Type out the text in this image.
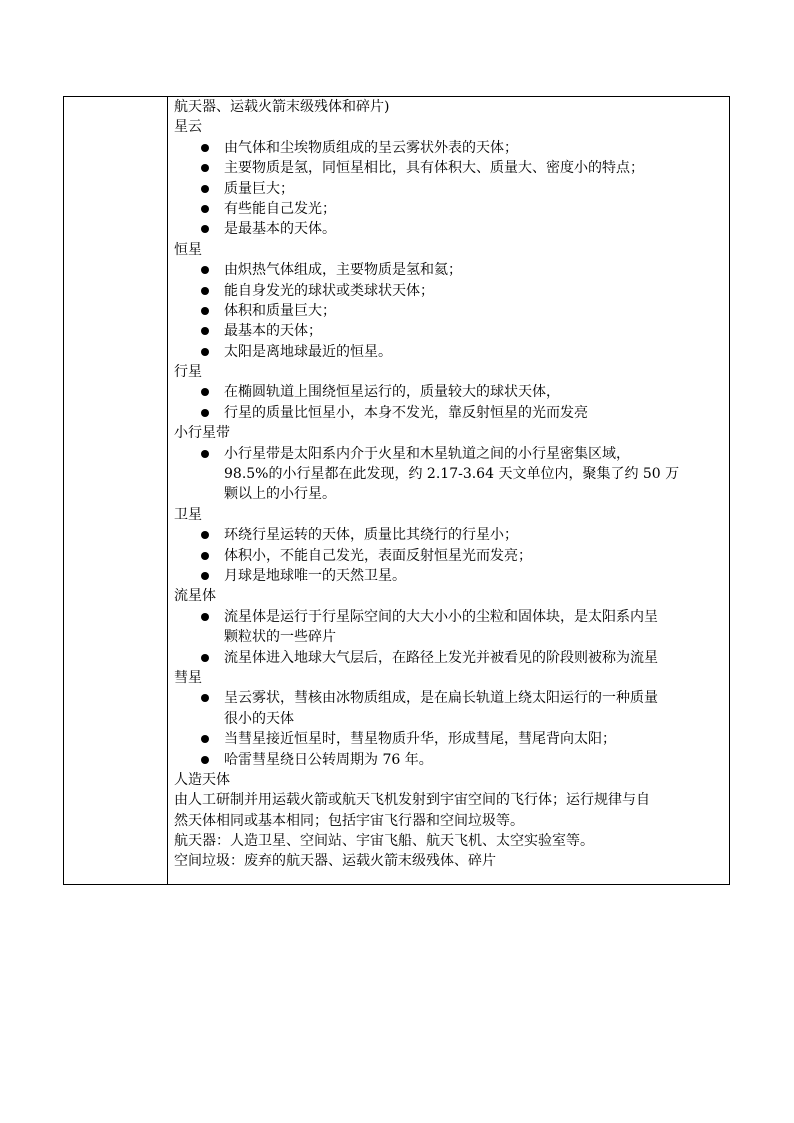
航天器、运载火箭末级残体和碎片)
星云
由气体和尘埃物质组成的呈云雾状外表的天体；
主要物质是氢，同恒星相比，具有体积大、质量大、密度小的特点；
质量巨大；
有些能自己发光；
是最基本的天体。
恒星
由炽热气体组成，主要物质是氢和氦；
能自身发光的球状或类球状天体；
体积和质量巨大；
最基本的天体；
太阳是离地球最近的恒星。
行星
在椭圆轨道上围绕恒星运行的，质量较大的球状天体，
行星的质量比恒星小，本身不发光，靠反射恒星的光而发亮
小行星带
小行星带是太阳系内介于火星和木星轨道之间的小行星密集区域，
98.5%的小行星都在此发现，约 2.17-3.64 天文单位内，聚集了约 50 万
颗以上的小行星。
卫星
环绕行星运转的天体，质量比其绕行的行星小；
体积小，不能自己发光，表面反射恒星光而发亮；
月球是地球唯一的天然卫星。
流星体
流星体是运行于行星际空间的大大小小的尘粒和固体块，是太阳系内呈
颗粒状的一些碎片
流星体进入地球大气层后，在路径上发光并被看见的阶段则被称为流星
彗星
呈云雾状，彗核由冰物质组成，是在扁长轨道上绕太阳运行的一种质量
很小的天体
当彗星接近恒星时，彗星物质升华，形成彗尾，彗尾背向太阳；
哈雷彗星绕日公转周期为 76 年。
人造天体
由人工研制并用运载火箭或航天飞机发射到宇宙空间的飞行体；运行规律与自
然天体相同或基本相同；包括宇宙飞行器和空间垃圾等。
航天器：人造卫星、空间站、宇宙飞船、航天飞机、太空实验室等。
空间垃圾：废弃的航天器、运载火箭末级残体、碎片
